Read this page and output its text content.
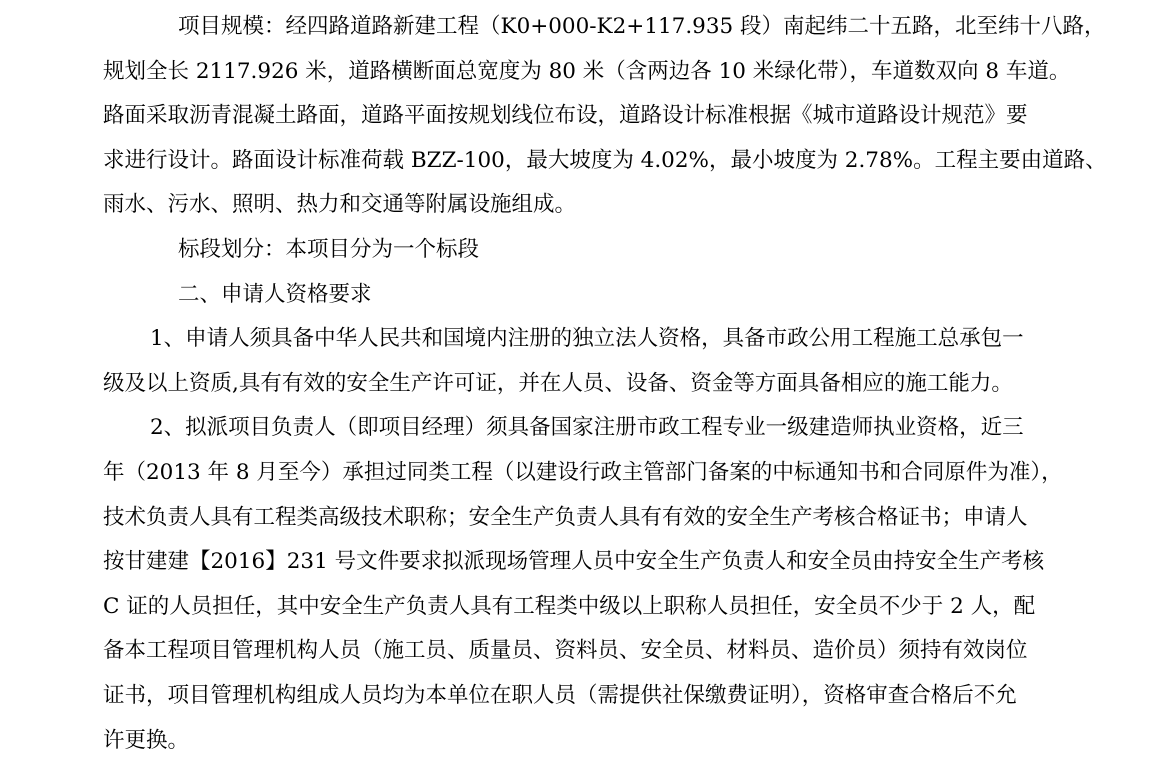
项目规模：经四路道路新建工程（K0+000-K2+117.935 段）南起纬二十五路，北至纬十八路，
规划全长 2117.926 米，道路横断面总宽度为 80 米（含两边各 10 米绿化带），车道数双向 8 车道。
路面采取沥青混凝土路面，道路平面按规划线位布设，道路设计标准根据《城市道路设计规范》要
求进行设计。路面设计标准荷载 BZZ-100，最大坡度为 4.02%，最小坡度为 2.78%。工程主要由道路、
雨水、污水、照明、热力和交通等附属设施组成。
标段划分：本项目分为一个标段
二、申请人资格要求
1、申请人须具备中华人民共和国境内注册的独立法人资格，具备市政公用工程施工总承包一
级及以上资质,具有有效的安全生产许可证，并在人员、设备、资金等方面具备相应的施工能力。
2、拟派项目负责人（即项目经理）须具备国家注册市政工程专业一级建造师执业资格，近三
年（2013 年 8 月至今）承担过同类工程（以建设行政主管部门备案的中标通知书和合同原件为准），
技术负责人具有工程类高级技术职称；安全生产负责人具有有效的安全生产考核合格证书；申请人
按甘建建【2016】231 号文件要求拟派现场管理人员中安全生产负责人和安全员由持安全生产考核
C 证的人员担任，其中安全生产负责人具有工程类中级以上职称人员担任，安全员不少于 2 人，配
备本工程项目管理机构人员（施工员、质量员、资料员、安全员、材料员、造价员）须持有效岗位
证书，项目管理机构组成人员均为本单位在职人员（需提供社保缴费证明），资格审查合格后不允
许更换。
